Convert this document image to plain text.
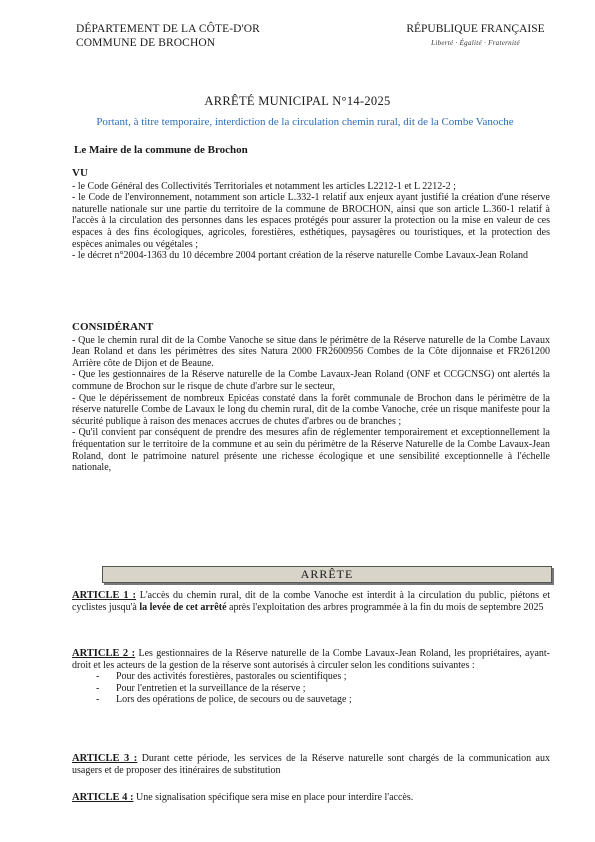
DÉPARTEMENT DE LA CÔTE-D'OR
COMMUNE DE BROCHON
RÉPUBLIQUE FRANÇAISE
Liberté · Égalité · Fraternité
ARRÊTÉ MUNICIPAL N°14-2025
Portant, à titre temporaire, interdiction de la circulation chemin rural, dit de la Combe Vanoche
Le Maire de la commune de Brochon
VU

- le Code Général des Collectivités Territoriales et notamment les articles L2212-1 et L 2212-2 ;

- le Code de l'environnement, notamment son article L.332-1 relatif aux enjeux ayant justifié la création d'une réserve naturelle nationale sur une partie du territoire de la commune de BROCHON, ainsi que son article L.360-1 relatif à l'accès à la circulation des personnes dans les espaces protégés pour assurer la protection ou la mise en valeur de ces espaces à des fins écologiques, agricoles, forestières, esthétiques, paysagères ou touristiques, et la protection des espèces animales ou végétales ;

- le décret n°2004-1363 du 10 décembre 2004 portant création de la réserve naturelle Combe Lavaux-Jean Roland

CONSIDÉRANT

- Que le chemin rural dit de la Combe Vanoche se situe dans le périmètre de la Réserve naturelle de la Combe Lavaux Jean Roland et dans les périmètres des sites Natura 2000 FR2600956 Combes de la Côte dijonnaise et FR261200 Arrière côte de Dijon et de Beaune.

- Que les gestionnaires de la Réserve naturelle de la Combe Lavaux-Jean Roland (ONF et CCGCNSG) ont alertés la commune de Brochon sur le risque de chute d'arbre sur le secteur,

- Que le dépérissement de nombreux Epicéas constaté dans la forêt communale de Brochon dans le périmètre de la réserve naturelle Combe de Lavaux le long du chemin rural, dit de la combe Vanoche, crée un risque manifeste pour la sécurité publique à raison des menaces accrues de chutes d'arbres ou de branches ;

- Qu'il convient par conséquent de prendre des mesures afin de réglementer temporairement et exceptionnellement la fréquentation sur le territoire de la commune et au sein du périmètre de la Réserve Naturelle de la Combe Lavaux-Jean Roland, dont le patrimoine naturel présente une richesse écologique et une sensibilité exceptionnelle à l'échelle nationale,

ARRÊTE

ARTICLE 1 : L'accès du chemin rural, dit de la combe Vanoche est interdit à la circulation du public, piétons et cyclistes jusqu'à la levée de cet arrêté après l'exploitation des arbres programmée à la fin du mois de septembre 2025

ARTICLE 2 : Les gestionnaires de la Réserve naturelle de la Combe Lavaux-Jean Roland, les propriétaires, ayant-droit et les acteurs de la gestion de la réserve sont autorisés à circuler selon les conditions suivantes :

- Pour des activités forestières, pastorales ou scientifiques ;
- Pour l'entretien et la surveillance de la réserve ;
- Lors des opérations de police, de secours ou de sauvetage ;

ARTICLE 3 : Durant cette période, les services de la Réserve naturelle sont chargés de la communication aux usagers et de proposer des itinéraires de substitution

ARTICLE 4 : Une signalisation spécifique sera mise en place pour interdire l'accès.
